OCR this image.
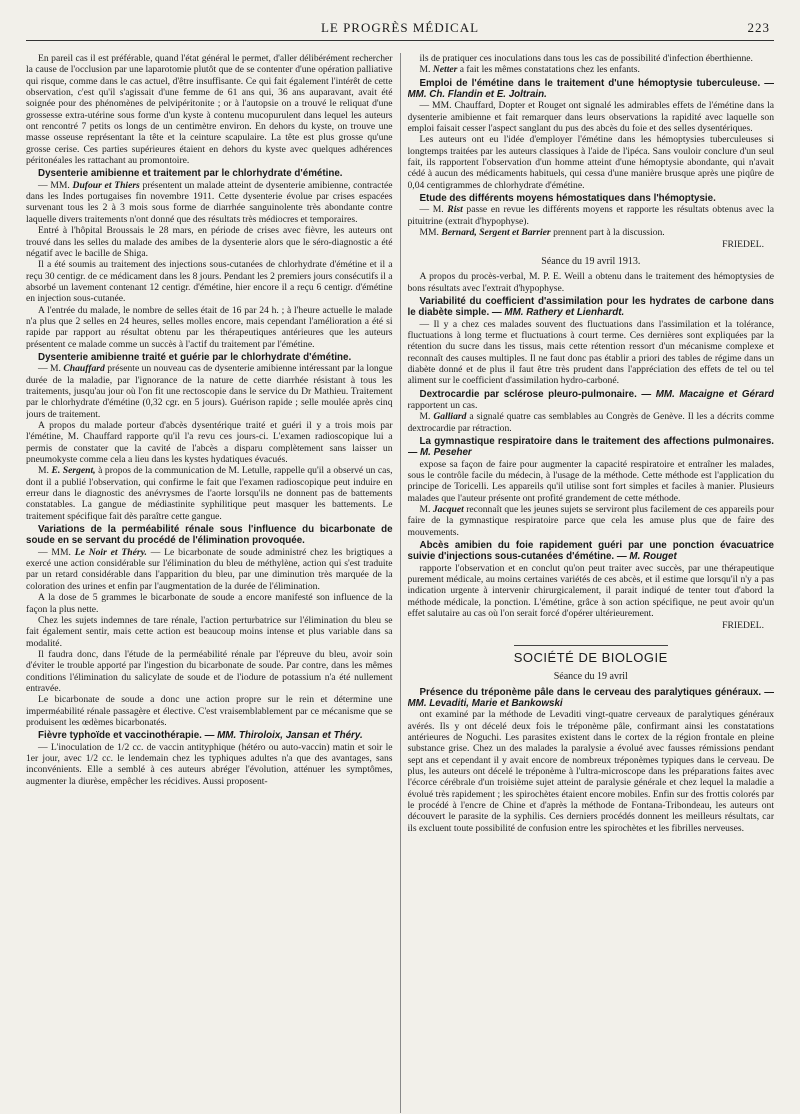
LE PROGRÈS MÉDICAL	223

En pareil cas il est préférable, quand l'état général le permet, d'aller délibérément rechercher la cause de l'occlusion par une laparotomie plutôt que de se contenter d'une opération palliative qui risque, comme dans le cas actuel, d'être insuffisante. Ce qui fait également l'intérêt de cette observation, c'est qu'il s'agissait d'une femme de 61 ans qui, 36 ans auparavant, avait été soignée pour des phénomènes de pelvipéritonite ; or à l'autopsie on a trouvé le reliquat d'une grossesse extra-utérine sous forme d'un kyste à contenu mucopurulent dans lequel les auteurs ont rencontré 7 petits os longs de un centimètre environ. En dehors du kyste, on trouve une masse osseuse représentant la tête et la ceinture scapulaire. La tête est plus grosse qu'une grosse cerise. Ces parties supérieures étaient en dehors du kyste avec quelques adhérences péritonéales les rattachant au promontoire.

Dysenterie amibienne et traitement par le chlorhydrate d'émétine.

— MM. Dufour et Thiers présentent un malade atteint de dysenterie amibienne, contractée dans les Indes portugaises fin novembre 1911. Cette dysenterie évolue par crises espacées survenant tous les 2 à 3 mois sous forme de diarrhée sanguinolente très abondante contre laquelle divers traitements n'ont donné que des résultats très médiocres et temporaires.

Entré à l'hôpital Broussais le 28 mars, en période de crises avec fièvre, les auteurs ont trouvé dans les selles du malade des amibes de la dysenterie alors que le séro-diagnostic a été négatif avec le bacille de Shiga.

Il a été soumis au traitement des injections sous-cutanées de chlorhydrate d'émétine et il a reçu 30 centigr. de ce médicament dans les 8 jours. Pendant les 2 premiers jours consécutifs il a absorbé un lavement contenant 12 centigr. d'émétine, hier encore il a reçu 6 centigr. d'émétine en injection sous-cutanée.

A l'entrée du malade, le nombre de selles était de 16 par 24 h. ; à l'heure actuelle le malade n'a plus que 2 selles en 24 heures, selles molles encore, mais cependant l'amélioration a été si rapide par rapport au résultat obtenu par les thérapeutiques antérieures que les auteurs présentent ce malade comme un succès à l'actif du traitement par l'émétine.

Dysenterie amibienne traité et guérie par le chlorhydrate d'émétine.

— M. Chauffard présente un nouveau cas de dysenterie amibienne intéressant par la longue durée de la maladie, par l'ignorance de la nature de cette diarrhée résistant à tous les traitements, jusqu'au jour où l'on fit une rectoscopie dans le service du Dr Mathieu. Traitement par le chlorhydrate d'émétine (0,32 cgr. en 5 jours). Guérison rapide ; selle moulée après cinq jours de traitement.

A propos du malade porteur d'abcès dysentérique traité et guéri il y a trois mois par l'émétine, M. Chauffard rapporte qu'il l'a revu ces jours-ci. L'examen radioscopique lui a permis de constater que la cavité de l'abcès a disparu complètement sans laisser un pneumokyste comme cela a lieu dans les kystes hydatiques évacués.

M. E. Sergent, à propos de la communication de M. Letulle, rappelle qu'il a observé un cas, dont il a publié l'observation, qui confirme le fait que l'examen radioscopique peut induire en erreur dans le diagnostic des anévrysmes de l'aorte lorsqu'ils ne donnent pas de battements constatables. La gangue de médiastinite syphilitique peut masquer les battements. Le traitement spécifique fait dès paraître cette gangue.

Variations de la perméabilité rénale sous l'influence du bicarbonate de soude en se servant du procédé de l'élimination provoquée.

— MM. Le Noir et Théry. — Le bicarbonate de soude administré chez les brigtiques a exercé une action considérable sur l'élimination du bleu de méthylène, action qui s'est traduite par un retard considérable dans l'apparition du bleu, par une diminution très marquée de la coloration des urines et enfin par l'augmentation de la durée de l'élimination.

A la dose de 5 grammes le bicarbonate de soude a encore manifesté son influence de la façon la plus nette.

Chez les sujets indemnes de tare rénale, l'action perturbatrice sur l'élimination du bleu se fait également sentir, mais cette action est beaucoup moins intense et plus variable dans sa modalité.

Il faudra donc, dans l'étude de la perméabilité rénale par l'épreuve du bleu, avoir soin d'éviter le trouble apporté par l'ingestion du bicarbonate de soude. Par contre, dans les mêmes conditions l'élimination du salicylate de soude et de l'iodure de potassium n'a été nullement entravée.

Le bicarbonate de soude a donc une action propre sur le rein et détermine une imperméabilité rénale passagère et élective. C'est vraisemblablement par ce mécanisme que se produisent les œdèmes bicarbonatés.

Fièvre typhoïde et vaccinothérapie. — MM. Thiroloix, Jansan et Théry.

— L'inoculation de 1/2 cc. de vaccin antityphique (hétéro ou auto-vaccin) matin et soir le 1er jour, avec 1/2 cc. le lendemain chez les typhiques adultes n'a que des avantages, sans inconvénients. Elle a semblé à ces auteurs abréger l'évolution, atténuer les symptômes, augmenter la diurèse, empêcher les récidives. Aussi proposent-

ils de pratiquer ces inoculations dans tous les cas de possibilité d'infection éberthienne.

M. Netter a fait les mêmes constatations chez les enfants.

Emploi de l'émétine dans le traitement d'une hémoptysie tuberculeuse. — MM. Ch. Flandin et E. Joltrain.

— MM. Chauffard, Dopter et Rouget ont signalé les admirables effets de l'émétine dans la dysenterie amibienne et fait remarquer dans leurs observations la rapidité avec laquelle son emploi faisait cesser l'aspect sanglant du pus des abcès du foie et des selles dysentériques.

Les auteurs ont eu l'idée d'employer l'émétine dans les hémoptysies tuberculeuses si longtemps traitées par les auteurs classiques à l'aide de l'ipéca. Sans vouloir conclure d'un seul fait, ils rapportent l'observation d'un homme atteint d'une hémoptysie abondante, qui n'avait cédé à aucun des médicaments habituels, qui cessa d'une manière brusque après une piqûre de 0,04 centigrammes de chlorhydrate d'émétine.

Etude des différents moyens hémostatiques dans l'hémoptysie.

— M. Rist passe en revue les différents moyens et rapporte les résultats obtenus avec la pituitrine (extrait d'hypophyse).

MM. Bernard, Sergent et Barrier prennent part à la discussion.

FRIEDEL.

Séance du 19 avril 1913.

A propos du procès-verbal, M. P. E. Weill a obtenu dans le traitement des hémoptysies de bons résultats avec l'extrait d'hypophyse.

Variabilité du coefficient d'assimilation pour les hydrates de carbone dans le diabète simple. — MM. Rathery et Lienhardt.

— Il y a chez ces malades souvent des fluctuations dans l'assimilation et la tolérance, fluctuations à long terme et fluctuations à court terme. Ces dernières sont expliquées par la rétention du sucre dans les tissus, mais cette rétention ressort d'un mécanisme complexe et reconnaît des causes multiples. Il ne faut donc pas établir a priori des tables de régime dans un diabète donné et de plus il faut être très prudent dans l'appréciation des effets de tel ou tel aliment sur le coefficient d'assimilation hydro-carboné.

Dextrocardie par sclérose pleuro-pulmonaire. — MM. Macaigne et Gérard rapportent un cas.

M. Galliard a signalé quatre cas semblables au Congrès de Genève. Il les a décrits comme dextrocardie par rétraction.

La gymnastique respiratoire dans le traitement des affections pulmonaires. — M. Peseher

expose sa façon de faire pour augmenter la capacité respiratoire et entraîner les malades, sous le contrôle facile du médecin, à l'usage de la méthode. Cette méthode est l'application du principe de Toricelli. Les appareils qu'il utilise sont fort simples et faciles à manier. Plusieurs malades que l'auteur présente ont profité grandement de cette méthode.

M. Jacquet reconnaît que les jeunes sujets se serviront plus facilement de ces appareils pour faire de la gymnastique respiratoire parce que cela les amuse plus que de faire des mouvements.

Abcès amibien du foie rapidement guéri par une ponction évacuatrice suivie d'injections sous-cutanées d'émétine. — M. Rouget

rapporte l'observation et en conclut qu'on peut traiter avec succès, par une thérapeutique purement médicale, au moins certaines variétés de ces abcès, et il estime que lorsqu'il n'y a pas indication urgente à intervenir chirurgicalement, il parait indiqué de tenter tout d'abord la méthode médicale, la ponction. L'émétine, grâce à son action spécifique, ne peut avoir qu'un effet salutaire au cas où l'on serait forcé d'opérer ultérieurement.

FRIEDEL.

SOCIÉTÉ DE BIOLOGIE

Séance du 19 avril

Présence du tréponème pâle dans le cerveau des paralytiques généraux. — MM. Levaditi, Marie et Bankowski

ont examiné par la méthode de Levaditi vingt-quatre cerveaux de paralytiques généraux avérés. Ils y ont décelé deux fois le tréponème pâle, confirmant ainsi les constatations antérieures de Noguchi. Les parasites existent dans le cortex de la région frontale en pleine substance grise. Chez un des malades la paralysie a évolué avec fausses rémissions pendant sept ans et cependant il y avait encore de nombreux tréponèmes typiques dans le cerveau. De plus, les auteurs ont décelé le tréponème à l'ultra-microscope dans les préparations faites avec l'écorce cérébrale d'un troisième sujet atteint de paralysie générale et chez lequel la maladie a évolué très rapidement ; les spirochètes étaient encore mobiles. Enfin sur des frottis colorés par le procédé à l'encre de Chine et d'après la méthode de Fontana-Tribondeau, les auteurs ont découvert le parasite de la syphilis. Ces derniers procédés donnent les meilleurs résultats, car ils excluent toute possibilité de confusion entre les spirochètes et les fibrilles nerveuses.
